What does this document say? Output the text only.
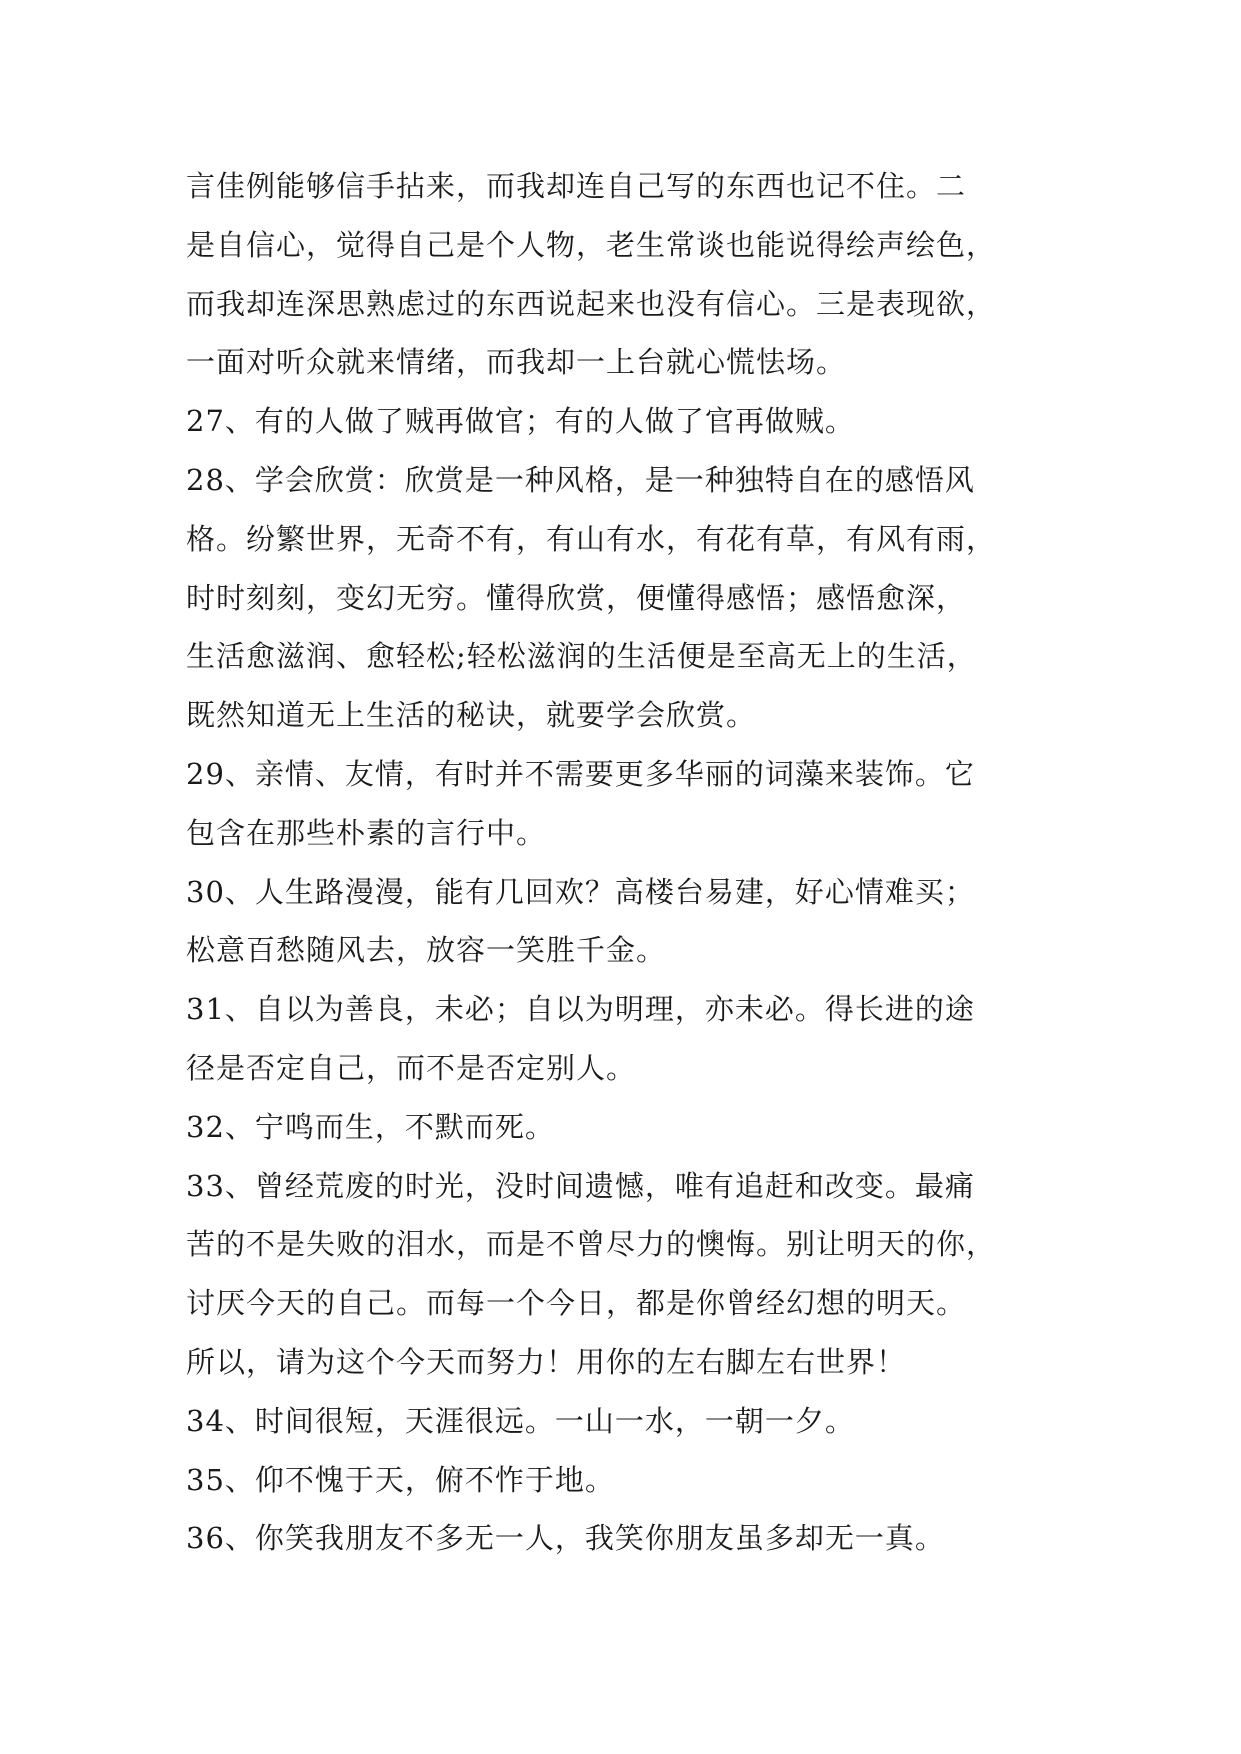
言佳例能够信手拈来，而我却连自己写的东西也记不住。二
是自信心，觉得自己是个人物，老生常谈也能说得绘声绘色，
而我却连深思熟虑过的东西说起来也没有信心。三是表现欲，
一面对听众就来情绪，而我却一上台就心慌怯场。
27、有的人做了贼再做官；有的人做了官再做贼。
28、学会欣赏：欣赏是一种风格，是一种独特自在的感悟风
格。纷繁世界，无奇不有，有山有水，有花有草，有风有雨，
时时刻刻，变幻无穷。懂得欣赏，便懂得感悟；感悟愈深，
生活愈滋润、愈轻松;轻松滋润的生活便是至高无上的生活，
既然知道无上生活的秘诀，就要学会欣赏。
29、亲情、友情，有时并不需要更多华丽的词藻来装饰。它
包含在那些朴素的言行中。
30、人生路漫漫，能有几回欢？高楼台易建，好心情难买；
松意百愁随风去，放容一笑胜千金。
31、自以为善良，未必；自以为明理，亦未必。得长进的途
径是否定自己，而不是否定别人。
32、宁鸣而生，不默而死。
33、曾经荒废的时光，没时间遗憾，唯有追赶和改变。最痛
苦的不是失败的泪水，而是不曾尽力的懊悔。别让明天的你，
讨厌今天的自己。而每一个今日，都是你曾经幻想的明天。
所以，请为这个今天而努力！用你的左右脚左右世界！
34、时间很短，天涯很远。一山一水，一朝一夕。
35、仰不愧于天，俯不怍于地。
36、你笑我朋友不多无一人，我笑你朋友虽多却无一真。
